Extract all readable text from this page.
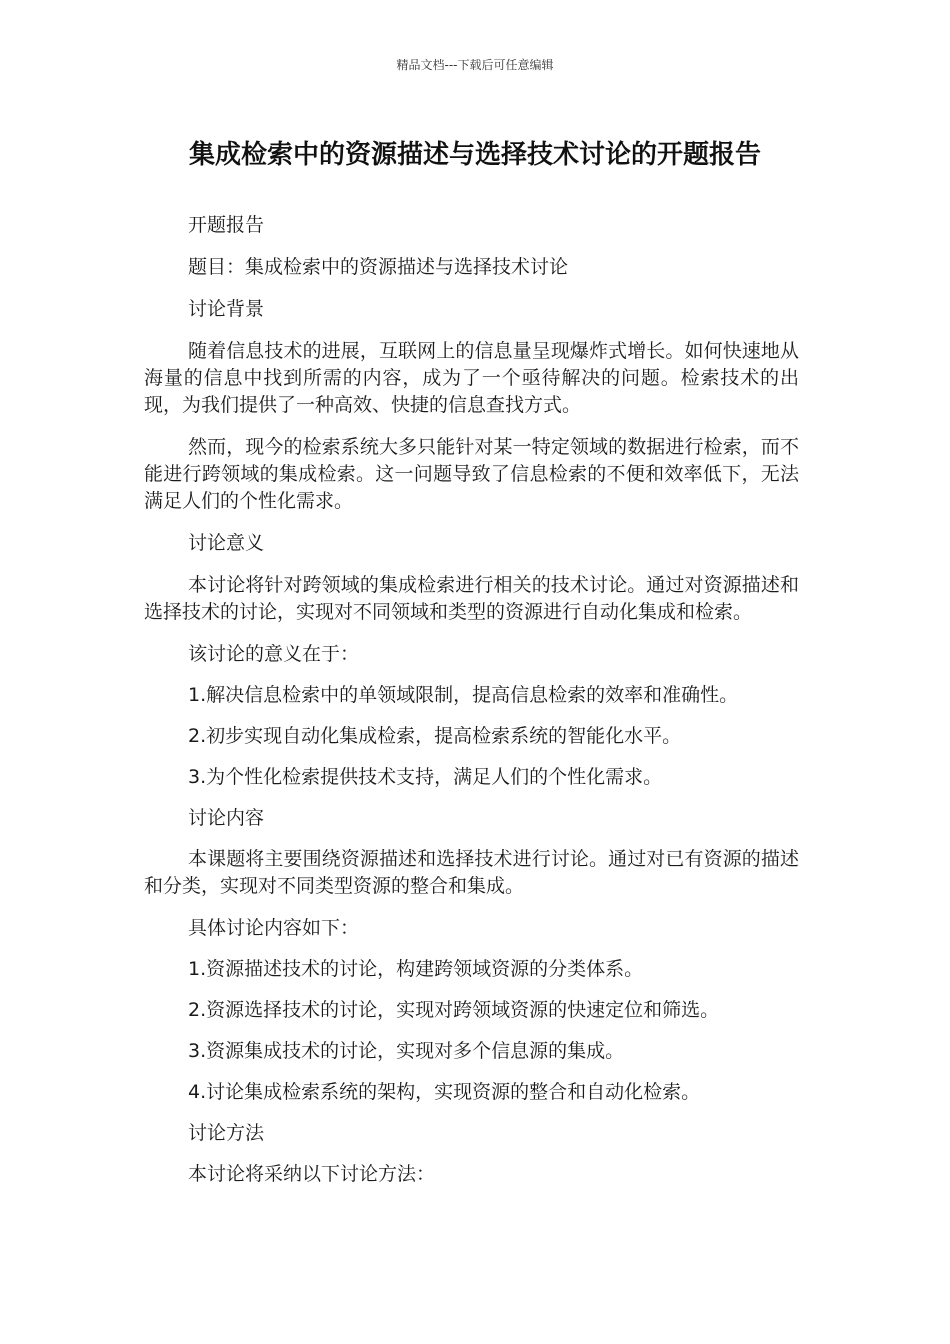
精品文档---下载后可任意编辑
集成检索中的资源描述与选择技术讨论的开题报告

开题报告

题目：集成检索中的资源描述与选择技术讨论

讨论背景

随着信息技术的进展，互联网上的信息量呈现爆炸式增长。如何快速地从海量的信息中找到所需的内容，成为了一个亟待解决的问题。检索技术的出现，为我们提供了一种高效、快捷的信息查找方式。

然而，现今的检索系统大多只能针对某一特定领域的数据进行检索，而不能进行跨领域的集成检索。这一问题导致了信息检索的不便和效率低下，无法满足人们的个性化需求。

讨论意义

本讨论将针对跨领域的集成检索进行相关的技术讨论。通过对资源描述和选择技术的讨论，实现对不同领域和类型的资源进行自动化集成和检索。

该讨论的意义在于：

1.解决信息检索中的单领域限制，提高信息检索的效率和准确性。

2.初步实现自动化集成检索，提高检索系统的智能化水平。

3.为个性化检索提供技术支持，满足人们的个性化需求。

讨论内容

本课题将主要围绕资源描述和选择技术进行讨论。通过对已有资源的描述和分类，实现对不同类型资源的整合和集成。

具体讨论内容如下：

1.资源描述技术的讨论，构建跨领域资源的分类体系。

2.资源选择技术的讨论，实现对跨领域资源的快速定位和筛选。

3.资源集成技术的讨论，实现对多个信息源的集成。

4.讨论集成检索系统的架构，实现资源的整合和自动化检索。

讨论方法

本讨论将采纳以下讨论方法：
